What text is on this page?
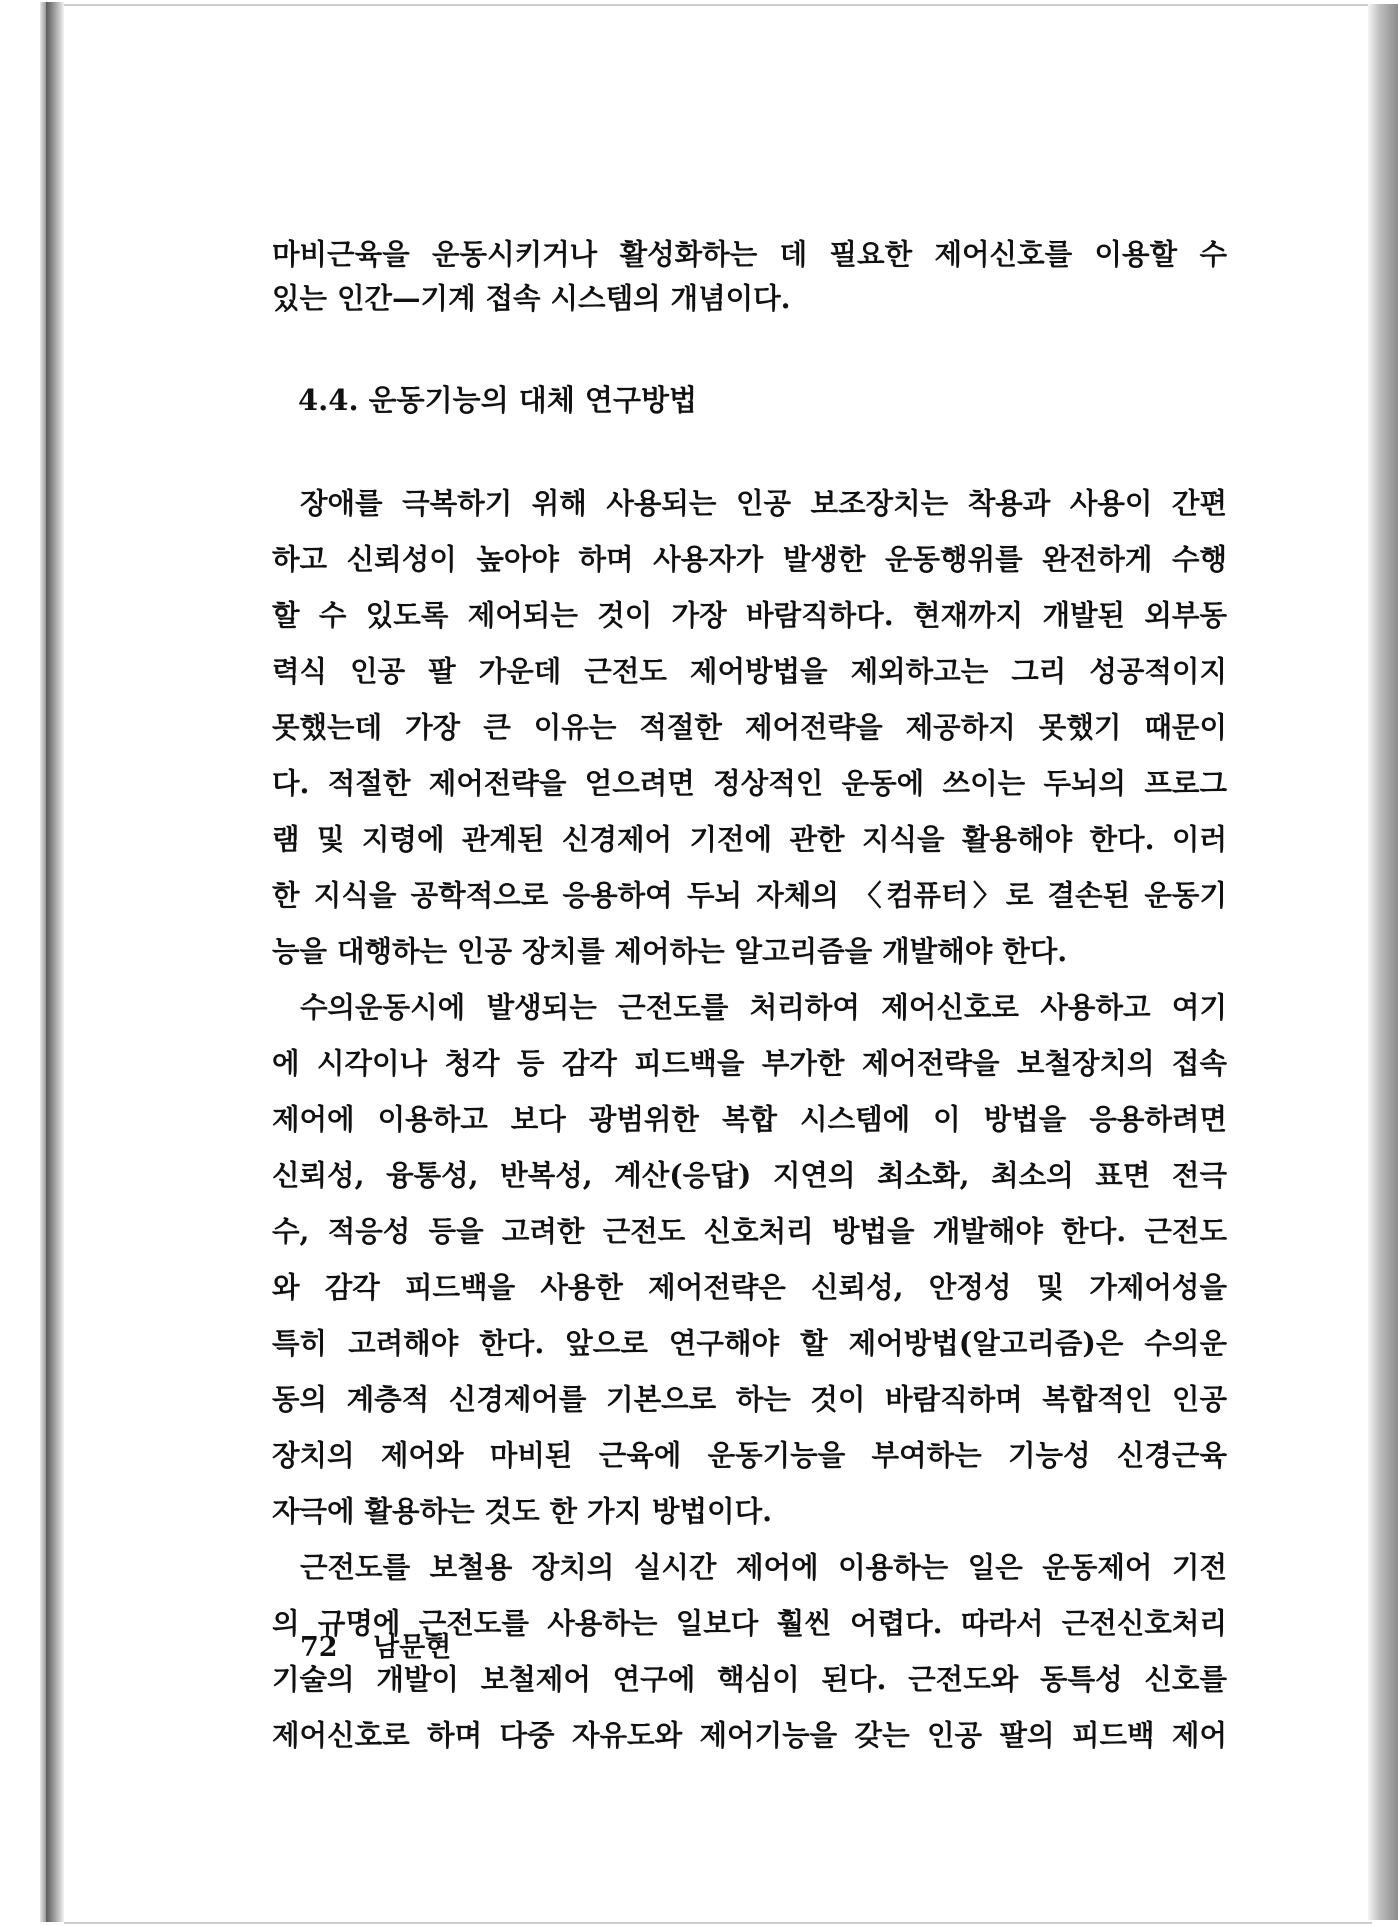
마비근육을 운동시키거나 활성화하는 데 필요한 제어신호를 이용할 수
있는 인간—기계 접속 시스템의 개념이다.
4.4. 운동기능의 대체 연구방법
장애를 극복하기 위해 사용되는 인공 보조장치는 착용과 사용이 간편
하고 신뢰성이 높아야 하며 사용자가 발생한 운동행위를 완전하게 수행
할 수 있도록 제어되는 것이 가장 바람직하다. 현재까지 개발된 외부동
력식 인공 팔 가운데 근전도 제어방법을 제외하고는 그리 성공적이지
못했는데 가장 큰 이유는 적절한 제어전략을 제공하지 못했기 때문이
다. 적절한 제어전략을 얻으려면 정상적인 운동에 쓰이는 두뇌의 프로그
램 및 지령에 관계된 신경제어 기전에 관한 지식을 활용해야 한다. 이러
한 지식을 공학적으로 응용하여 두뇌 자체의 〈컴퓨터〉로 결손된 운동기
능을 대행하는 인공 장치를 제어하는 알고리즘을 개발해야 한다.
수의운동시에 발생되는 근전도를 처리하여 제어신호로 사용하고 여기
에 시각이나 청각 등 감각 피드백을 부가한 제어전략을 보철장치의 접속
제어에 이용하고 보다 광범위한 복합 시스템에 이 방법을 응용하려면
신뢰성, 융통성, 반복성, 계산(응답) 지연의 최소화, 최소의 표면 전극
수, 적응성 등을 고려한 근전도 신호처리 방법을 개발해야 한다. 근전도
와 감각 피드백을 사용한 제어전략은 신뢰성, 안정성 및 가제어성을
특히 고려해야 한다. 앞으로 연구해야 할 제어방법(알고리즘)은 수의운
동의 계층적 신경제어를 기본으로 하는 것이 바람직하며 복합적인 인공
장치의 제어와 마비된 근육에 운동기능을 부여하는 기능성 신경근육
자극에 활용하는 것도 한 가지 방법이다.
근전도를 보철용 장치의 실시간 제어에 이용하는 일은 운동제어 기전
의 규명에 근전도를 사용하는 일보다 훨씬 어렵다. 따라서 근전신호처리
기술의 개발이 보철제어 연구에 핵심이 된다. 근전도와 동특성 신호를
제어신호로 하며 다중 자유도와 제어기능을 갖는 인공 팔의 피드백 제어
72 남문현
